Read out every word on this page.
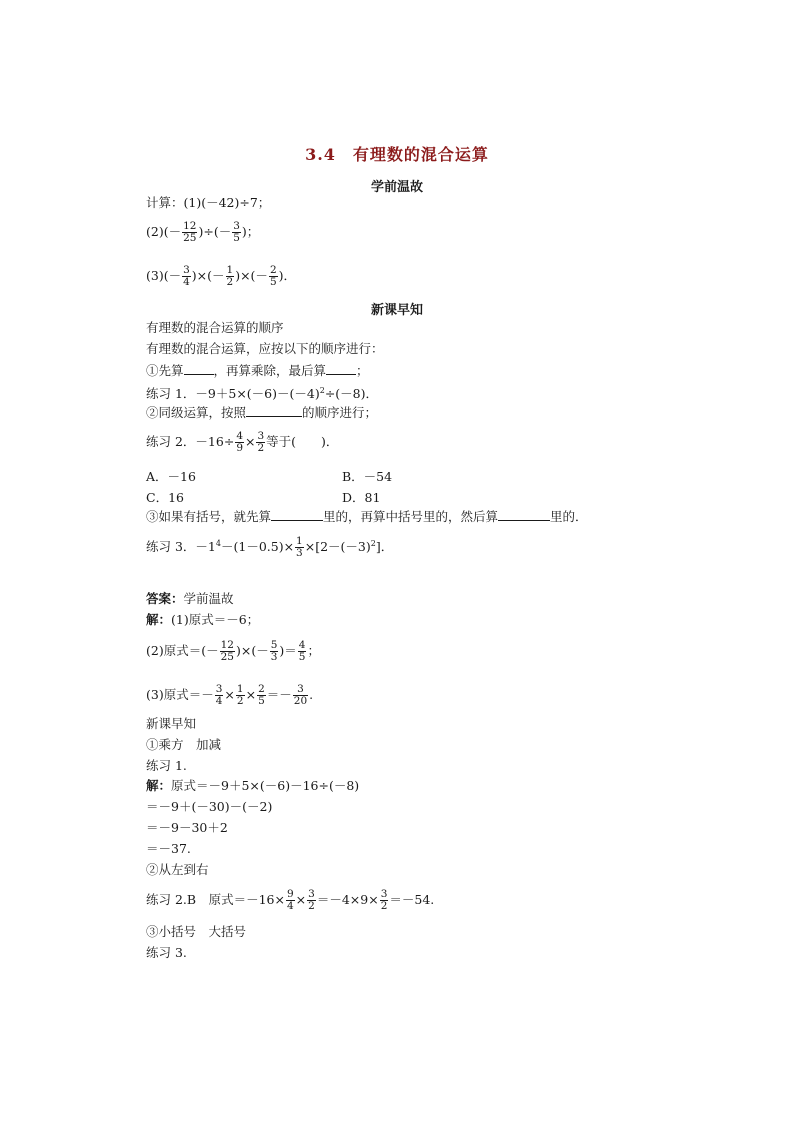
3.4　有理数的混合运算
学前温故
计算：(1)(－42)÷7；
$(2)(- \frac{12}{25}$ )÷(－ $\frac{3}{5}$ )；
$(3)(- \frac{3}{4}$ )×(－ $\frac{1}{2}$ )×(－ $\frac{2}{5}$ )．
新课早知
有理数的混合运算的顺序
有理数的混合运算，应按以下的顺序进行：
①先算 ，再算乘除，最后算 ；
练习 1．$-9+5\times(-6)-(-4)^2\div(-8)$．
②同级运算，按照	的顺序进行；
练习 2．$-16\div \frac{4}{9} \times \frac{3}{2}$ 等于(　　)．
A．－16	B．－54
C．16	D．81
③如果有括号，就先算	里的，再算中括号里的，然后算	里的．
练习 3．$-1^4-(1-0.5)\times \frac{1}{3} \times[2-(-3)^2]$．
答案：学前温故
解：(1)原式＝－6；
(2)原式＝(－ $\frac{12}{25}$ )×(－ $\frac{5}{3}$ )＝ $\frac{4}{5}$ ；
(3)原式＝－ $\frac{3}{4} \times \frac{1}{2} \times \frac{2}{5} =- \frac{3}{20}$ .
新课早知
①乘方　加减
练习 1.
解：原式＝－9＋5×(－6)－16÷(－8)
＝－9＋(－30)－(－2)
＝－9－30＋2
＝－37.
②从左到右
练习 2.B　原式$=-16\times \frac{9}{4} \times \frac{3}{2} =-4\times 9\times \frac{3}{2} =-54$.
③小括号　大括号
练习 3.
